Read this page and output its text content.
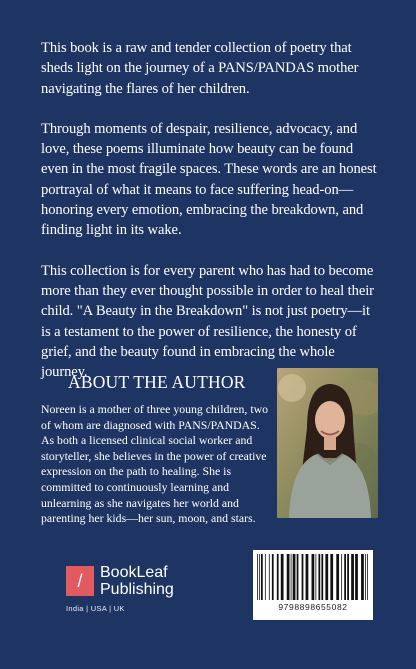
This book is a raw and tender collection of poetry that sheds light on the journey of a PANS/PANDAS mother navigating the flares of her children.

Through moments of despair, resilience, advocacy, and love, these poems illuminate how beauty can be found even in the most fragile spaces. These words are an honest portrayal of what it means to face suffering head-on—honoring every emotion, embracing the breakdown, and finding light in its wake.

This collection is for every parent who has had to become more than they ever thought possible in order to heal their child. "A Beauty in the Breakdown" is not just poetry—it is a testament to the power of resilience, the honesty of grief, and the beauty found in embracing the whole journey.

ABOUT THE AUTHOR
Noreen is a mother of three young children, two of whom are diagnosed with PANS/PANDAS. As both a licensed clinical social worker and storyteller, she believes in the power of creative expression on the path to healing. She is committed to continuously learning and unlearning as she navigates her world and parenting her kids—her sun, moon, and stars.
/	BookLeaf
Publishing
India | USA | UK	9798898655082
